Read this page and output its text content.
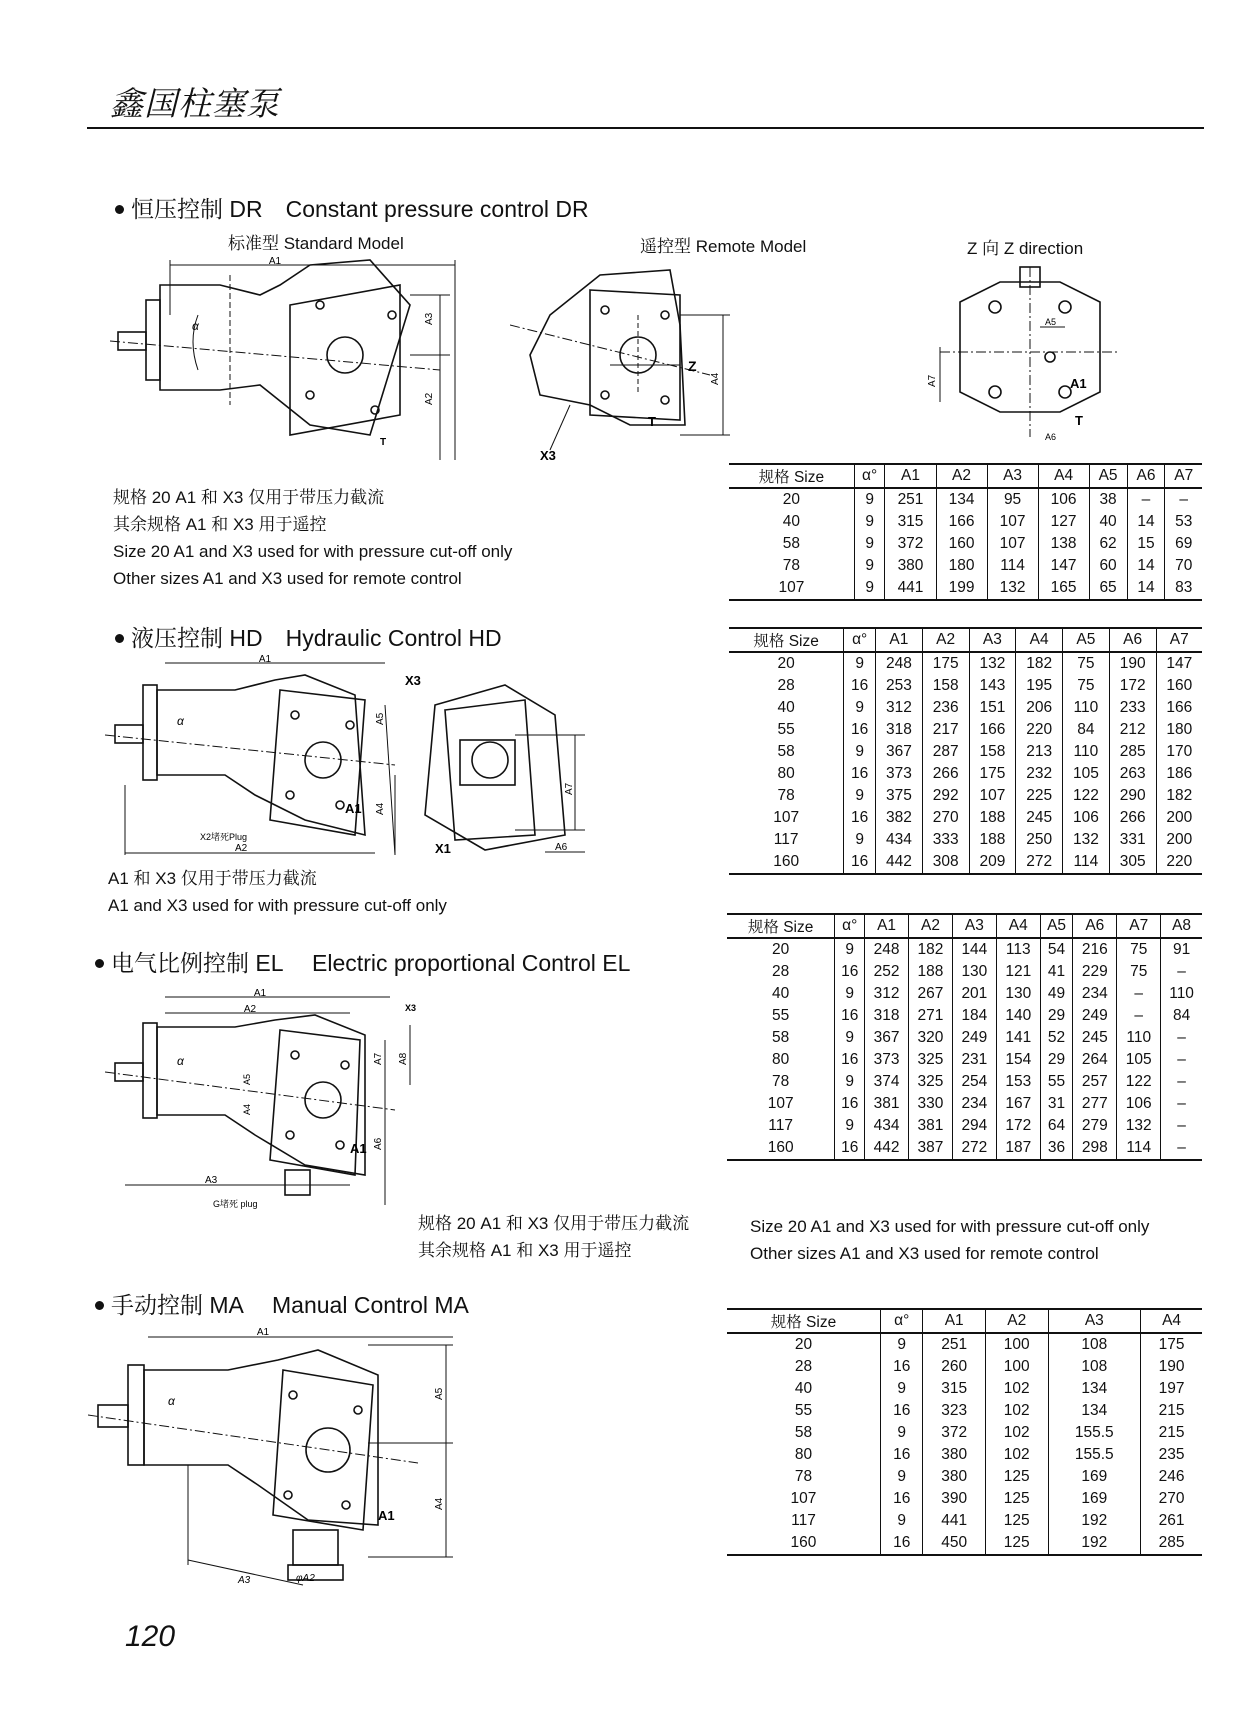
鑫国柱塞泵
恒压控制 DR　Constant pressure control DR
标准型 Standard Model	遥控型 Remote Model	Z 向 Z direction
A1
A3
A2
α
T
Z
A4
T
X3
A5
A7	A1
T
A6
规格 20 A1 和 X3 仅用于带压力截流
其余规格 A1 和 X3 用于遥控
Size 20 A1 and X3 used for with pressure cut-off only
Other sizes A1 and X3 used for remote control
规格 Size	α°	A1	A2	A3	A4	A5	A6	A7
20	9	251	134	95	106	38	–	–
40	9	315	166	107	127	40	14	53
58	9	372	160	107	138	62	15	69
78	9	380	180	114	147	60	14	70
107	9	441	199	132	165	65	14	83
液压控制 HD　Hydraulic Control HD
A1
X3
A5
A4
A1
X2堵死Plug
A2
α
A7
X1	A6
A1 和 X3 仅用于带压力截流
A1 and X3 used for with pressure cut-off only
规格 Size	α°	A1	A2	A3	A4	A5	A6	A7
20	9	248	175	132	182	75	190	147
28	16	253	158	143	195	75	172	160
40	9	312	236	151	206	110	233	166
55	16	318	217	166	220	84	212	180
58	9	367	287	158	213	110	285	170
80	16	373	266	175	232	105	263	186
78	9	375	292	107	225	122	290	182
107	16	382	270	188	245	106	266	200
117	9	434	333	188	250	132	331	200
160	16	442	308	209	272	114	305	220
电气比例控制 EL　 Electric proportional Control EL
A1
A2	X3
A7 A8
A6
A5
A4
A1
A3
G堵死 plug
α
规格 Size	α°	A1	A2	A3	A4	A5	A6	A7	A8
20	9	248	182	144	113	54	216	75	91
28	16	252	188	130	121	41	229	75	–
40	9	312	267	201	130	49	234	–	110
55	16	318	271	184	140	29	249	–	84
58	9	367	320	249	141	52	245	110	–
80	16	373	325	231	154	29	264	105	–
78	9	374	325	254	153	55	257	122	–
107	16	381	330	234	167	31	277	106	–
117	9	434	381	294	172	64	279	132	–
160	16	442	387	272	187	36	298	114	–
规格 20 A1 和 X3 仅用于带压力截流
其余规格 A1 和 X3 用于遥控
Size 20 A1 and X3 used for with pressure cut-off only
Other sizes A1 and X3 used for remote control
手动控制 MA　 Manual Control MA
A1
A5
A4
A1
A3	φA2
α
规格 Size	α°	A1	A2	A3	A4
20	9	251	100	108	175
28	16	260	100	108	190
40	9	315	102	134	197
55	16	323	102	134	215
58	9	372	102	155.5	215
80	16	380	102	155.5	235
78	9	380	125	169	246
107	16	390	125	169	270
117	9	441	125	192	261
160	16	450	125	192	285
120
